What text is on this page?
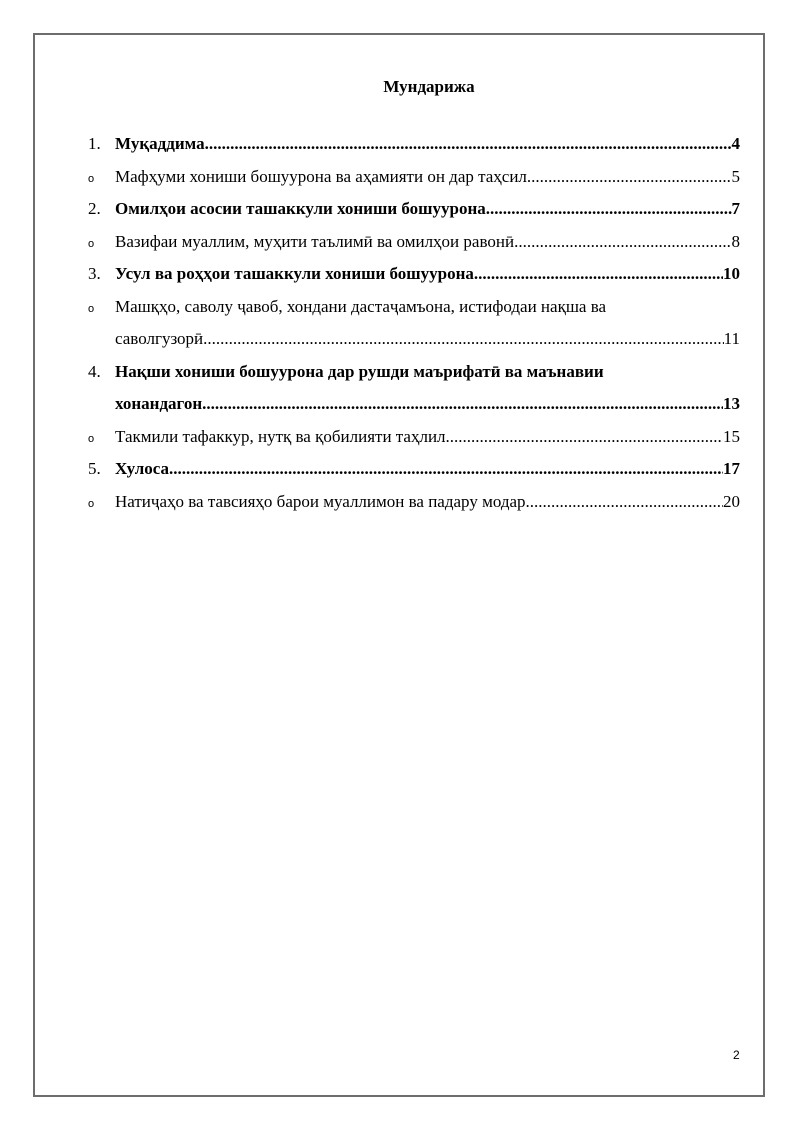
Мундарижа
1. Муқаддима .....	4
o	Мафҳуми хониши бошуурона ва аҳамияти он дар таҳсил .....	5
2. Омилҳои асосии ташаккули хониши бошуурона .....	7
o	Вазифаи муаллим, муҳити таълимӣ ва омилҳои равонӣ .....	8
3. Усул ва роҳҳои ташаккули хониши бошуурона .....	10
o	Машқҳо, саволу ҷавоб, хондани дастаҷамъона, истифодаи нақша ва
саволгузорӣ .....	11
4. Нақши хониши бошуурона дар рушди маърифатӣ ва маънавии
хонандагон .....	13
o	Такмили тафаккур, нутқ ва қобилияти таҳлил .....	15
5. Хулоса .....	17
o	Натиҷаҳо ва тавсияҳо барои муаллимон ва падару модар .....	20
2
